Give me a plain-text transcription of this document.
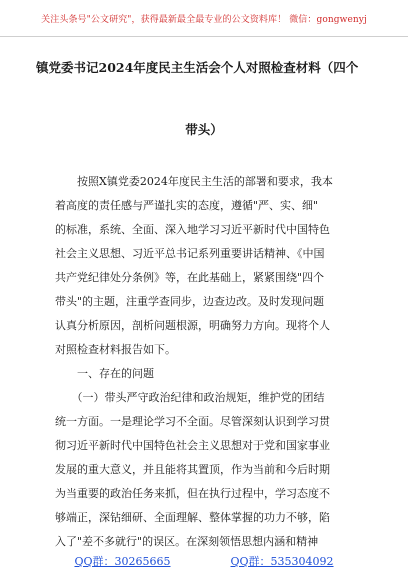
关注头条号"公文研究"，获得最新最全最专业的公文资料库！ 微信：gongwenyj
镇党委书记2024年度民主生活会个人对照检查材料（四个
带头）
　　按照X镇党委2024年度民主生活的部署和要求，我本
着高度的责任感与严谨扎实的态度，遵循"严、实、细"
的标准，系统、全面、深入地学习习近平新时代中国特色
社会主义思想、习近平总书记系列重要讲话精神、《中国
共产党纪律处分条例》等，在此基础上，紧紧围绕"四个
带头"的主题，注重学查同步，边查边改。及时发现问题
认真分析原因，剖析问题根源，明确努力方向。现将个人
对照检查材料报告如下。
　　一、存在的问题
　　（一）带头严守政治纪律和政治规矩，维护党的团结
统一方面。一是理论学习不全面。尽管深刻认识到学习贯
彻习近平新时代中国特色社会主义思想对于党和国家事业
发展的重大意义，并且能将其置顶，作为当前和今后时期
为当重要的政治任务来抓，但在执行过程中，学习态度不
够端正，深钻细研、全面理解、整体掌握的功力不够，陷
入了"差不多就行"的误区。在深刻领悟思想内涵和精神
QQ群：30265665	QQ群：535304092
